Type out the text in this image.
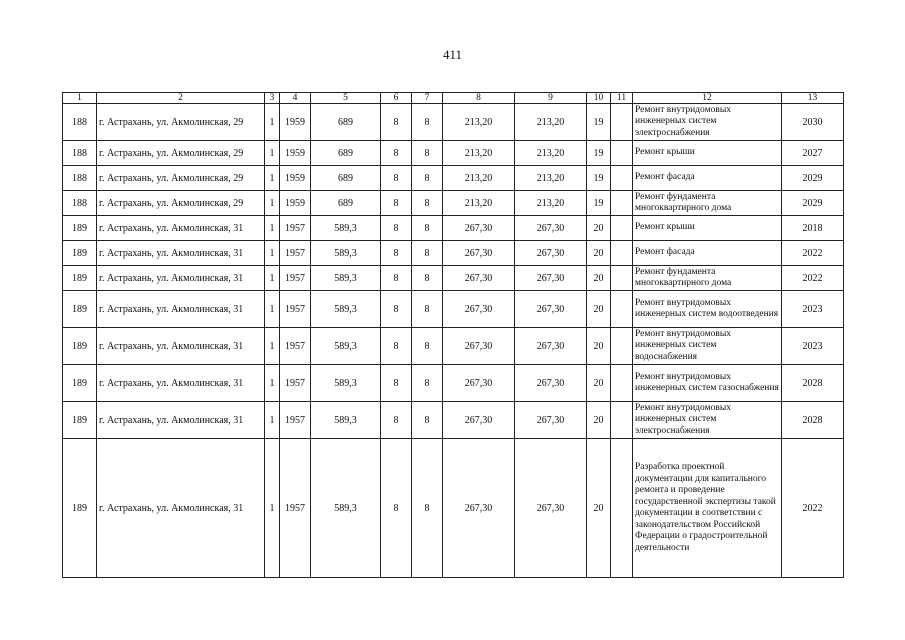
411
1	2	3	4	5	6	7	8	9	10	11	12	13
188	г. Астрахань, ул. Акмолинская, 29	1	1959	689	8	8	213,20	213,20	19		Ремонт внутридомовых инженерных систем электроснабжения	2030
188	г. Астрахань, ул. Акмолинская, 29	1	1959	689	8	8	213,20	213,20	19		Ремонт крыши	2027
188	г. Астрахань, ул. Акмолинская, 29	1	1959	689	8	8	213,20	213,20	19		Ремонт фасада	2029
188	г. Астрахань, ул. Акмолинская, 29	1	1959	689	8	8	213,20	213,20	19		Ремонт фундамента многоквартирного дома	2029
189	г. Астрахань, ул. Акмолинская, 31	1	1957	589,3	8	8	267,30	267,30	20		Ремонт крыши	2018
189	г. Астрахань, ул. Акмолинская, 31	1	1957	589,3	8	8	267,30	267,30	20		Ремонт фасада	2022
189	г. Астрахань, ул. Акмолинская, 31	1	1957	589,3	8	8	267,30	267,30	20		Ремонт фундамента многоквартирного дома	2022
189	г. Астрахань, ул. Акмолинская, 31	1	1957	589,3	8	8	267,30	267,30	20		Ремонт внутридомовых инженерных систем водоотведения	2023
189	г. Астрахань, ул. Акмолинская, 31	1	1957	589,3	8	8	267,30	267,30	20		Ремонт внутридомовых инженерных систем водоснабжения	2023
189	г. Астрахань, ул. Акмолинская, 31	1	1957	589,3	8	8	267,30	267,30	20		Ремонт внутридомовых инженерных систем газоснабжения	2028
189	г. Астрахань, ул. Акмолинская, 31	1	1957	589,3	8	8	267,30	267,30	20		Ремонт внутридомовых инженерных систем электроснабжения	2028
189	г. Астрахань, ул. Акмолинская, 31	1	1957	589,3	8	8	267,30	267,30	20		Разработка проектной документации для капитального ремонта и проведение государственной экспертизы такой документации в соответствии с законодательством Российской Федерации о градостроительной деятельности	2022
